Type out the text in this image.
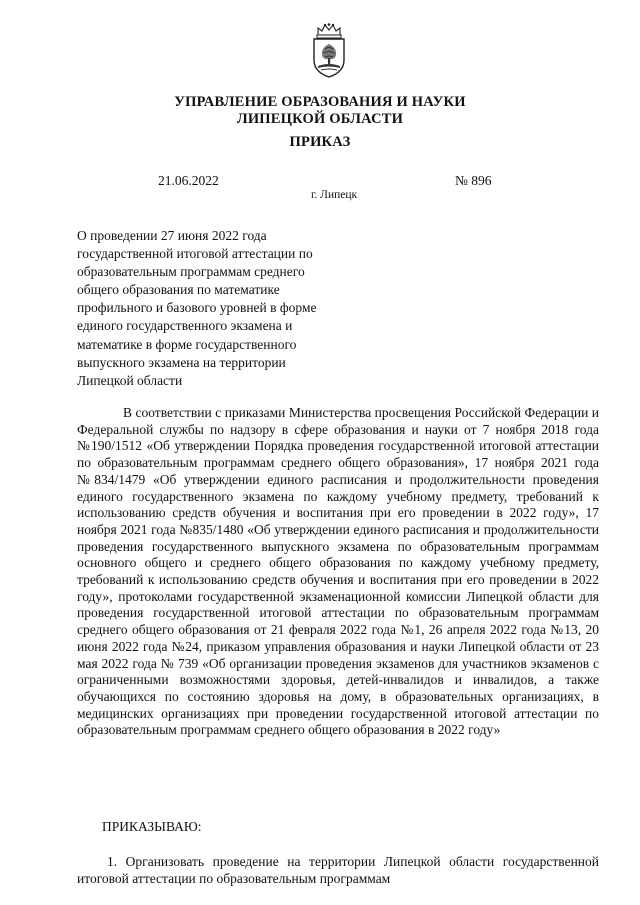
УПРАВЛЕНИЕ ОБРАЗОВАНИЯ И НАУКИ
ЛИПЕЦКОЙ ОБЛАСТИ
ПРИКАЗ
21.06.2022	№ 896
г. Липецк
О проведении 27 июня 2022 года
государственной итоговой аттестации по
образовательным программам среднего
общего образования по математике
профильного и базового уровней в форме
единого государственного экзамена и
математике в форме государственного
выпускного экзамена на территории
Липецкой области
В соответствии с приказами Министерства просвещения Российской Федерации и Федеральной службы по надзору в сфере образования и науки от 7 ноября 2018 года №190/1512 «Об утверждении Порядка проведения государственной итоговой аттестации по образовательным программам среднего общего образования», 17 ноября 2021 года №834/1479 «Об утверждении единого расписания и продолжительности проведения единого государственного экзамена по каждому учебному предмету, требований к использованию средств обучения и воспитания при его проведении в 2022 году», 17 ноября 2021 года №835/1480 «Об утверждении единого расписания и продолжительности проведения государственного выпускного экзамена по образовательным программам основного общего и среднего общего образования по каждому учебному предмету, требований к использованию средств обучения и воспитания при его проведении в 2022 году», протоколами государственной экзаменационной комиссии Липецкой области для проведения государственной итоговой аттестации по образовательным программам среднего общего образования от 21 февраля 2022 года №1, 26 апреля 2022 года №13, 20 июня 2022 года №24, приказом управления образования и науки Липецкой области от 23 мая 2022 года № 739 «Об организации проведения экзаменов для участников экзаменов с ограниченными возможностями здоровья, детей-инвалидов и инвалидов, а также обучающихся по состоянию здоровья на дому, в образовательных организациях, в медицинских организациях при проведении государственной итоговой аттестации по образовательным программам среднего общего образования в 2022 году»
ПРИКАЗЫВАЮ:
1. Организовать проведение на территории Липецкой области государственной итоговой аттестации по образовательным программам
